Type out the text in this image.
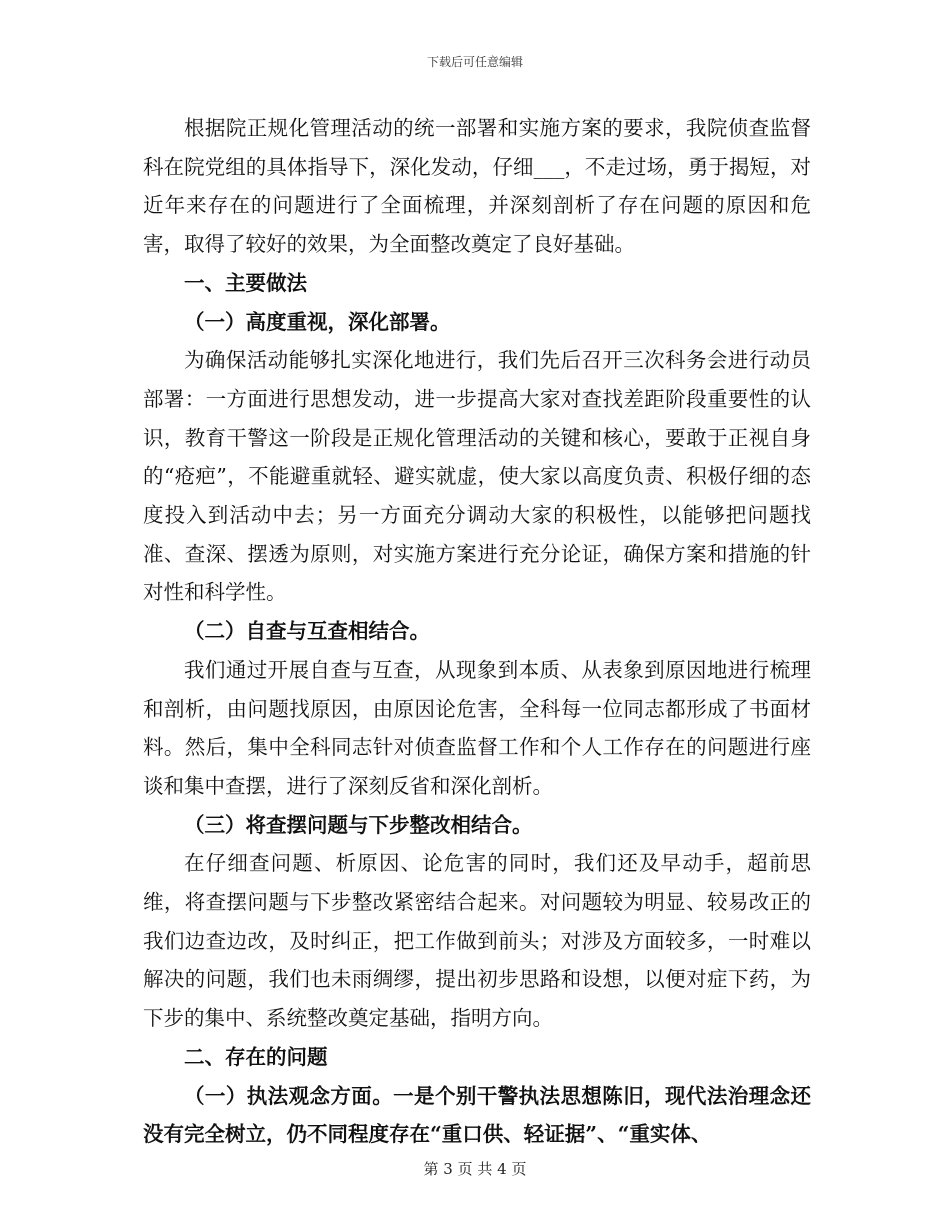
下载后可任意编辑

根据院正规化管理活动的统一部署和实施方案的要求，我院侦查监督科在院党组的具体指导下，深化发动，仔细___，不走过场，勇于揭短，对近年来存在的问题进行了全面梳理，并深刻剖析了存在问题的原因和危害，取得了较好的效果，为全面整改奠定了良好基础。

一、主要做法

（一）高度重视，深化部署。

为确保活动能够扎实深化地进行，我们先后召开三次科务会进行动员部署：一方面进行思想发动，进一步提高大家对查找差距阶段重要性的认识，教育干警这一阶段是正规化管理活动的关键和核心，要敢于正视自身的“疮疤”，不能避重就轻、避实就虚，使大家以高度负责、积极仔细的态度投入到活动中去；另一方面充分调动大家的积极性，以能够把问题找准、查深、摆透为原则，对实施方案进行充分论证，确保方案和措施的针对性和科学性。

（二）自查与互查相结合。

我们通过开展自查与互查，从现象到本质、从表象到原因地进行梳理和剖析，由问题找原因，由原因论危害，全科每一位同志都形成了书面材料。然后，集中全科同志针对侦查监督工作和个人工作存在的问题进行座谈和集中查摆，进行了深刻反省和深化剖析。

（三）将查摆问题与下步整改相结合。

在仔细查问题、析原因、论危害的同时，我们还及早动手，超前思维，将查摆问题与下步整改紧密结合起来。对问题较为明显、较易改正的我们边查边改，及时纠正，把工作做到前头；对涉及方面较多，一时难以解决的问题，我们也未雨绸缪，提出初步思路和设想，以便对症下药，为下步的集中、系统整改奠定基础，指明方向。

二、存在的问题

（一）执法观念方面。一是个别干警执法思想陈旧，现代法治理念还没有完全树立，仍不同程度存在“重口供、轻证据”、“重实体、

第 3 页 共 4 页
